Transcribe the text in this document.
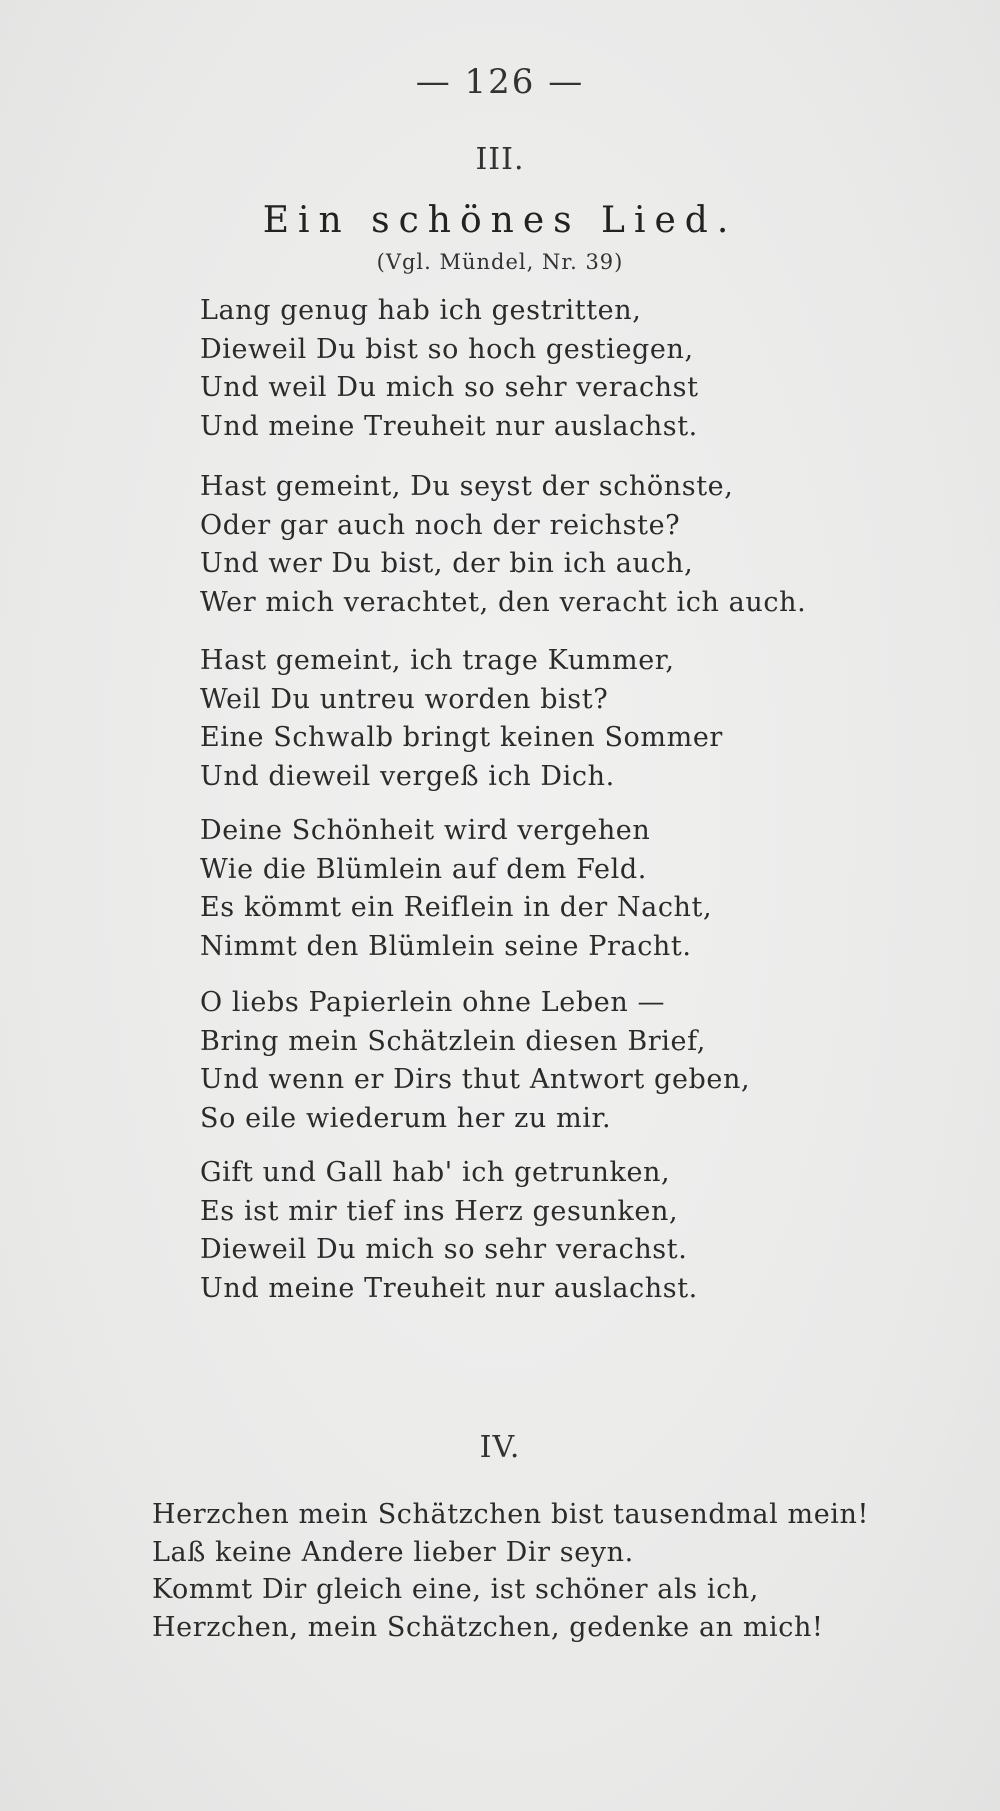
— 126 —
III.
Ein schönes Lied.
(Vgl. Mündel, Nr. 39)
Lang genug hab ich gestritten,
Dieweil Du bist so hoch gestiegen,
Und weil Du mich so sehr verachst
Und meine Treuheit nur auslachst.
Hast gemeint, Du seyst der schönste,
Oder gar auch noch der reichste?
Und wer Du bist, der bin ich auch,
Wer mich verachtet, den veracht ich auch.
Hast gemeint, ich trage Kummer,
Weil Du untreu worden bist?
Eine Schwalb bringt keinen Sommer
Und dieweil vergeß ich Dich.
Deine Schönheit wird vergehen
Wie die Blümlein auf dem Feld.
Es kömmt ein Reiflein in der Nacht,
Nimmt den Blümlein seine Pracht.
O liebs Papierlein ohne Leben —
Bring mein Schätzlein diesen Brief,
Und wenn er Dirs thut Antwort geben,
So eile wiederum her zu mir.
Gift und Gall hab' ich getrunken,
Es ist mir tief ins Herz gesunken,
Dieweil Du mich so sehr verachst.
Und meine Treuheit nur auslachst.
IV.
Herzchen mein Schätzchen bist tausendmal mein!
Laß keine Andere lieber Dir seyn.
Kommt Dir gleich eine, ist schöner als ich,
Herzchen, mein Schätzchen, gedenke an mich!
